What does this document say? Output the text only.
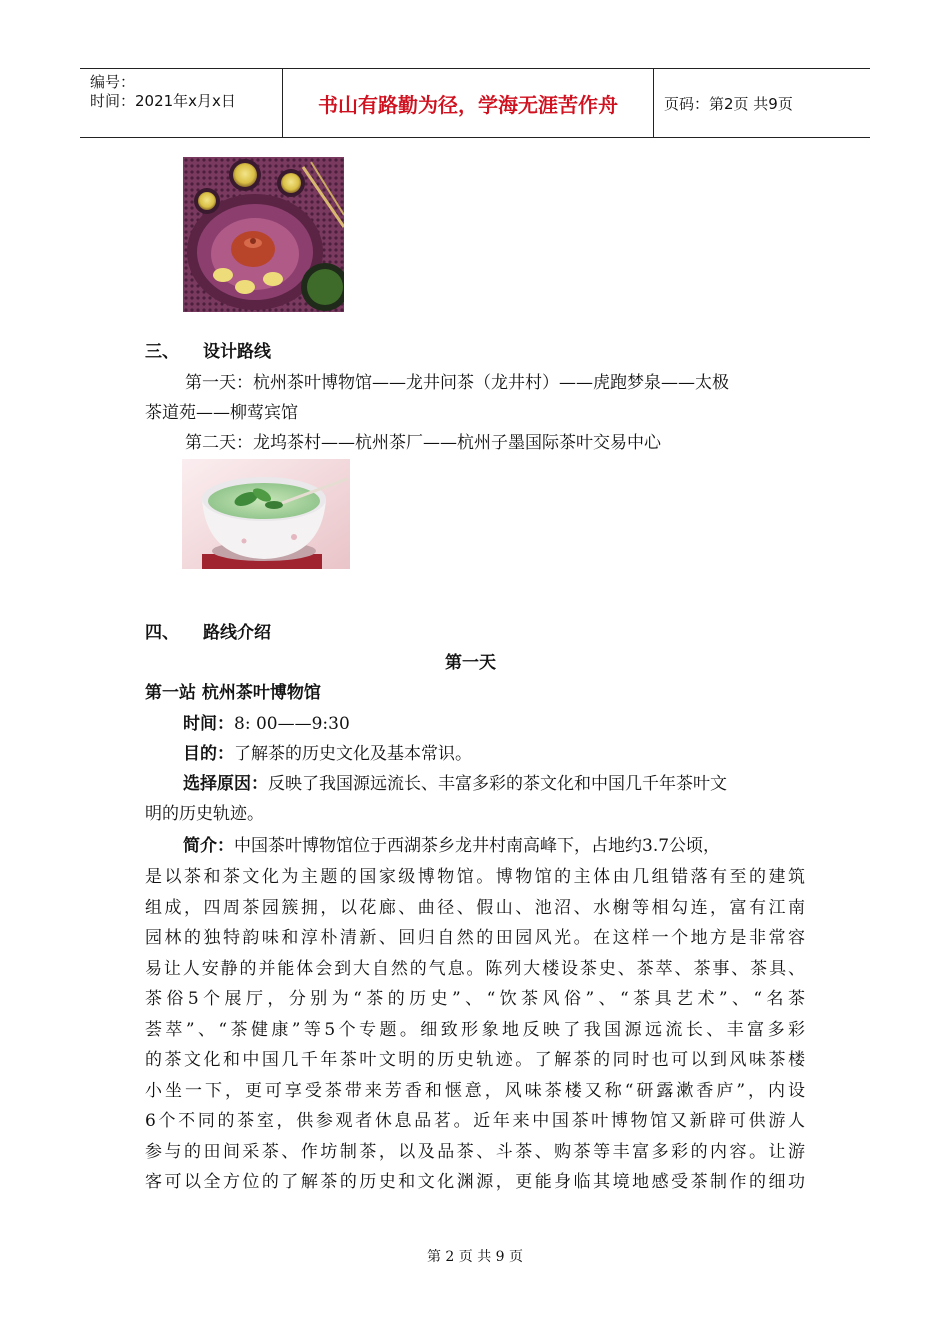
编号：
时间：2021年x月x日	书山有路勤为径，学海无涯苦作舟	页码：第2页 共9页
三、 设计路线
第一天：杭州茶叶博物馆——龙井问茶（龙井村）——虎跑梦泉——太极
茶道苑——柳莺宾馆
第二天：龙坞茶村——杭州茶厂——杭州子墨国际茶叶交易中心
四、 路线介绍
第一天
第一站 杭州茶叶博物馆
时间：8: 00——9:30
目的：了解茶的历史文化及基本常识。
选择原因：反映了我国源远流长、丰富多彩的茶文化和中国几千年茶叶文
明的历史轨迹。
简介：中国茶叶博物馆位于西湖茶乡龙井村南高峰下，占地约3.7公顷，
是以茶和茶文化为主题的国家级博物馆。博物馆的主体由几组错落有至的建筑
组成，四周茶园簇拥，以花廊、曲径、假山、池沼、水榭等相勾连，富有江南
园林的独特韵味和淳朴清新、回归自然的田园风光。在这样一个地方是非常容
易让人安静的并能体会到大自然的气息。陈列大楼设茶史、茶萃、茶事、茶具、
茶俗5个展厅，分别为“茶的历史”、“饮茶风俗”、“茶具艺术”、“名茶
荟萃”、“茶健康”等5个专题。细致形象地反映了我国源远流长、丰富多彩
的茶文化和中国几千年茶叶文明的历史轨迹。了解茶的同时也可以到风味茶楼
小坐一下，更可享受茶带来芳香和惬意，风味茶楼又称“研露漱香庐”，内设
6个不同的茶室，供参观者休息品茗。近年来中国茶叶博物馆又新辟可供游人
参与的田间采茶、作坊制茶，以及品茶、斗茶、购茶等丰富多彩的内容。让游
客可以全方位的了解茶的历史和文化渊源，更能身临其境地感受茶制作的细功
第 2 页 共 9 页
